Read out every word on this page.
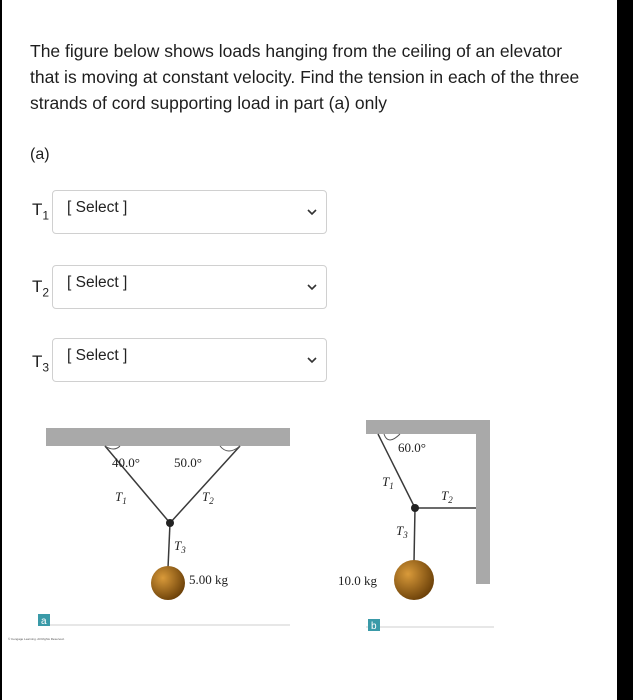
The figure below shows loads hanging from the ceiling of an elevator that is moving at constant velocity. Find the tension in each of the three strands of cord supporting load in part (a) only
(a)
$T_1$ [ Select ]
$T_2$
[ Select ]
$T_3$
[ Select ]
40.0°	50.0°
$T_1$	$T_2$
$T_3$
5.00 kg
a
© Cengage Learning. All Rights Reserved.
60.0°
$T_1$
$T_2$
$T_3$
10.0 kg
b
